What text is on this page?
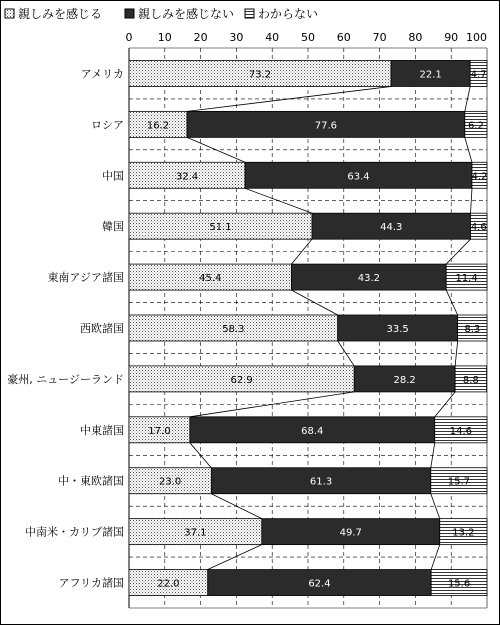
親しみを感じる	親しみを感じない わからない
0 10 20 30 40 50 60 70 80 90 100
アメリカ
ロシア
中国
韓国
東南アジア諸国
西欧諸国
豪州, ニュージーランド
中東諸国
中・東欧諸国
中南米・カリブ諸国
アフリカ諸国
73.2	22.1	4.7
16.2	77.6	6.2
32.4	63.4	4.2
51.1	44.3	4.6
45.4	43.2	11.4
58.3	33.5	8.3
62.9	28.2	8.8
17.0	68.4	14.6
23.0	61.3	15.7
37.1	49.7	13.2
22.0	62.4	15.6
